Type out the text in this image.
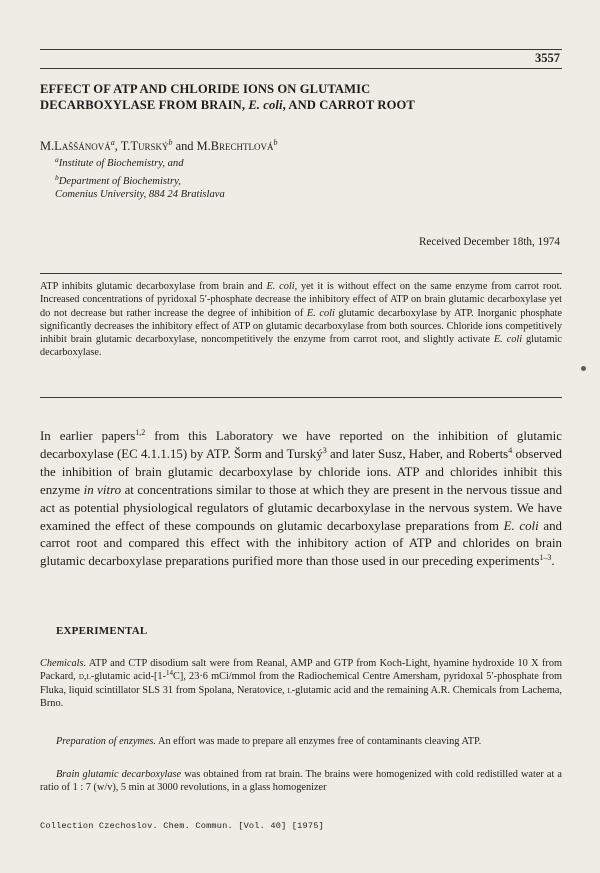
3557
EFFECT OF ATP AND CHLORIDE IONS ON GLUTAMIC
DECARBOXYLASE FROM BRAIN, E. coli, AND CARROT ROOT
M.Laššánová$^a$, T.Turský$^b$ and M.Brechtlová$^b$
$^a$Institute of Biochemistry, and
$^b$Department of Biochemistry,
Comenius University, 884 24 Bratislava
Received December 18th, 1974
ATP inhibits glutamic decarboxylase from brain and E. coli, yet it is without effect on the same enzyme from carrot root. Increased concentrations of pyridoxal 5′-phosphate decrease the inhibitory effect of ATP on brain glutamic decarboxylase yet do not decrease but rather increase the degree of inhibition of E. coli glutamic decarboxylase by ATP. Inorganic phosphate significantly decreases the inhibitory effect of ATP on glutamic decarboxylase from both sources. Chloride ions competitively inhibit brain glutamic decarboxylase, noncompetitively the enzyme from carrot root, and slightly activate E. coli glutamic decarboxylase.
In earlier papers$^{1,2}$ from this Laboratory we have reported on the inhibition of glutamic decarboxylase (EC 4.1.1.15) by ATP. Šorm and Turský$^3$ and later Susz, Haber, and Roberts$^4$ observed the inhibition of brain glutamic decarboxylase by chloride ions. ATP and chlorides inhibit this enzyme in vitro at concentrations similar to those at which they are present in the nervous tissue and act as potential physiological regulators of glutamic decarboxylase in the nervous system. We have examined the effect of these compounds on glutamic decarboxylase preparations from E. coli and carrot root and compared this effect with the inhibitory action of ATP and chlorides on brain glutamic decarboxylase preparations purified more than those used in our preceding experiments$^{1-3}$.
EXPERIMENTAL
Chemicals. ATP and CTP disodium salt were from Reanal, AMP and GTP from Koch-Light, hyamine hydroxide 10 X from Packard, d,l-glutamic acid-[1-$^{14}$C], 23·6 mCi/mmol from the Radiochemical Centre Amersham, pyridoxal 5′-phosphate from Fluka, liquid scintillator SLS 31 from Spolana, Neratovice, l-glutamic acid and the remaining A.R. Chemicals from Lachema, Brno.
Preparation of enzymes. An effort was made to prepare all enzymes free of contaminants cleaving ATP.
Brain glutamic decarboxylase was obtained from rat brain. The brains were homogenized with cold redistilled water at a ratio of 1 : 7 (w/v), 5 min at 3000 revolutions, in a glass homogenizer
Collection Czechoslov. Chem. Commun. [Vol. 40] [1975]
